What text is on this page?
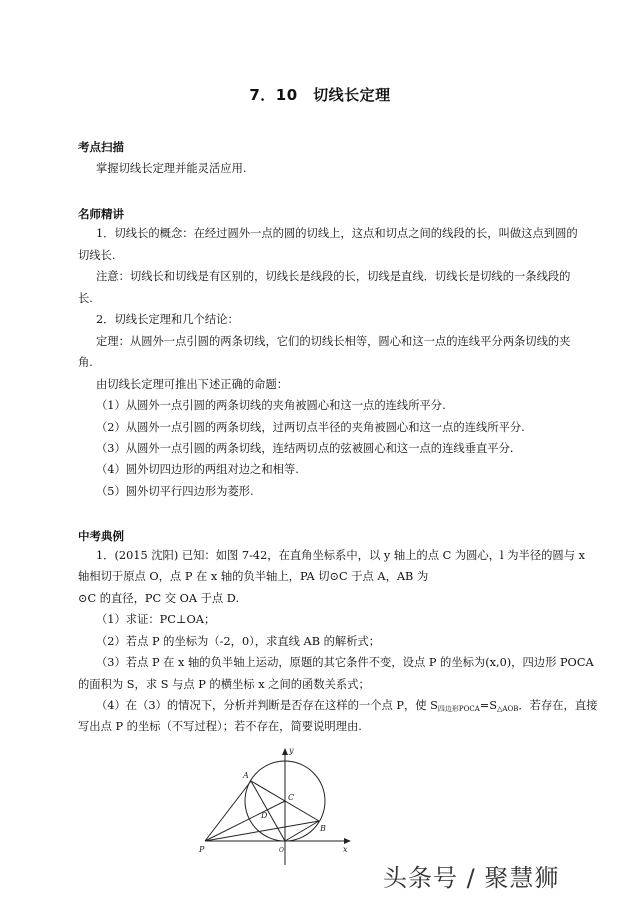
7．10　切线长定理
考点扫描
掌握切线长定理并能灵活应用.
名师精讲
1．切线长的概念：在经过圆外一点的圆的切线上，这点和切点之间的线段的长，叫做这点到圆的
切线长.
注意：切线长和切线是有区别的，切线长是线段的长，切线是直线．切线长是切线的一条线段的
长.
2．切线长定理和几个结论：
定理：从圆外一点引圆的两条切线，它们的切线长相等，圆心和这一点的连线平分两条切线的夹
角.
由切线长定理可推出下述正确的命题：
（1）从圆外一点引圆的两条切线的夹角被圆心和这一点的连线所平分.
（2）从圆外一点引圆的两条切线，过两切点半径的夹角被圆心和这一点的连线所平分.
（3）从圆外一点引圆的两条切线，连结两切点的弦被圆心和这一点的连线垂直平分.
（4）圆外切四边形的两组对边之和相等.
（5）圆外切平行四边形为菱形.
中考典例
1．(2015 沈阳) 已知：如图 7-42，在直角坐标系中，以 y 轴上的点 C 为圆心，l 为半径的圆与 x
轴相切于原点 O，点 P 在 x 轴的负半轴上，PA 切⊙C 于点 A，AB 为
⊙C 的直径，PC 交 OA 于点 D.
（1）求证：PC⊥OA；
（2）若点 P 的坐标为（-2，0），求直线 AB 的解析式；
（3）若点 P 在 x 轴的负半轴上运动，原题的其它条件不变，设点 P 的坐标为(x,0)，四边形 POCA
的面积为 S，求 S 与点 P 的横坐标 x 之间的函数关系式；
（4）在（3）的情况下，分析并判断是否存在这样的一个点 P，使 $S_{四边形POCA}=S_{\triangle AOB}$．若存在，直接
写出点 P 的坐标（不写过程）；若不存在，简要说明理由.
y
A
C
D
B
P	O	x
头条号 / 聚慧狮
